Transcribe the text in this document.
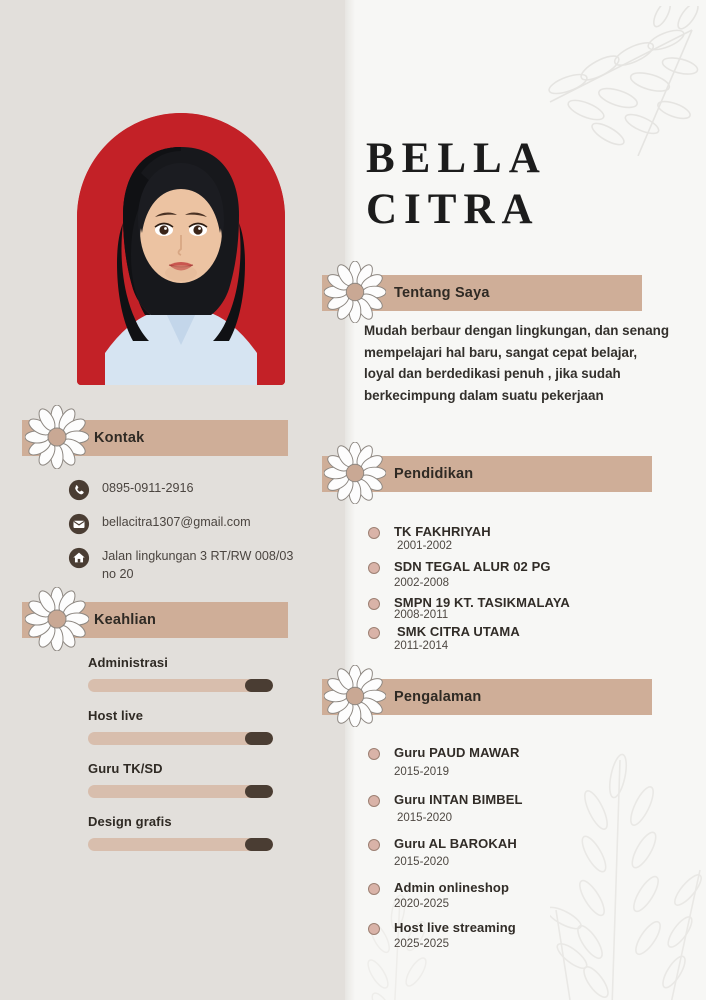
BELLA
CITRA
Kontak
0895-0911-2916
bellacitra1307@gmail.com
Jalan lingkungan 3 RT/RW 008/03 no 20
Keahlian
Administrasi
Host live
Guru TK/SD
Design grafis
Tentang Saya
Mudah berbaur dengan lingkungan, dan senang mempelajari hal baru, sangat cepat belajar, loyal dan berdedikasi penuh , jika sudah berkecimpung dalam suatu pekerjaan
Pendidikan
TK FAKHRIYAH
2001-2002
SDN TEGAL ALUR 02 PG
2002-2008
SMPN 19 KT. TASIKMALAYA
2008-2011
SMK CITRA UTAMA
2011-2014
Pengalaman
Guru PAUD MAWAR
2015-2019
Guru INTAN BIMBEL
2015-2020
Guru AL BAROKAH
2015-2020
Admin onlineshop
2020-2025
Host live streaming
2025-2025
